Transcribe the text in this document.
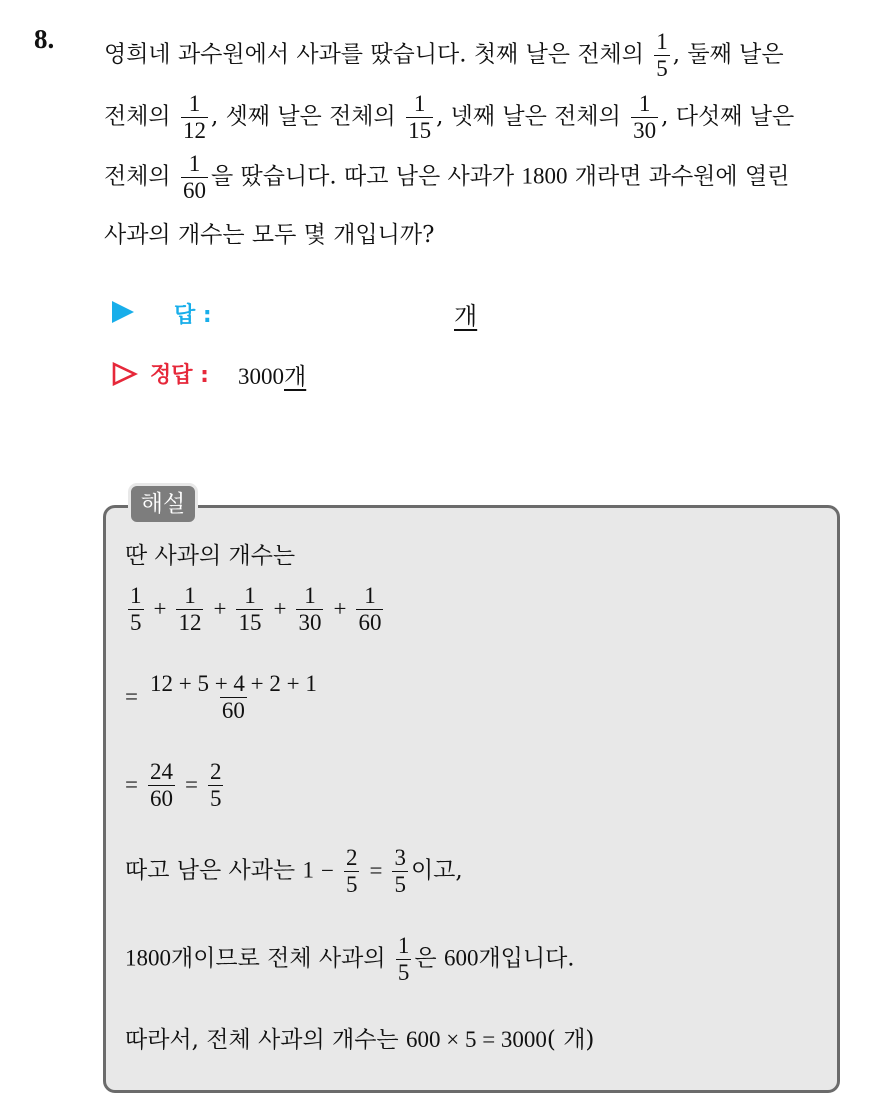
8.
영희네 과수원에서 사과를 땄습니다. 첫째 날은 전체의 $\frac{1}{5}$ , 둘째 날은
전체의 $\frac{1}{12}$ , 셋째 날은 전체의 $\frac{1}{15}$ , 넷째 날은 전체의 $\frac{1}{30}$ , 다섯째 날은
전체의 $\frac{1}{60}$ 을 땄습니다. 따고 남은 사과가 1800 개라면 과수원에 열린
사과의 개수는 모두 몇 개입니까?
답 :	개
정답 : 3000개
해설
딴 사과의 개수는
$\frac{1}{5} + \frac{1}{12} + \frac{1}{15} + \frac{1}{30} + \frac{1}{60}$
= $\frac{12 + 5 + 4 + 2 + 1}{60}$
= $\frac{24}{60} = \frac{2}{5}$
따고 남은 사과는 $1 - \frac{2}{5} = \frac{3}{5}$ 이고,
1800개이므로 전체 사과의 $\frac{1}{5}$ 은 600개입니다.
따라서, 전체 사과의 개수는 600 × 5 = 3000( 개)
